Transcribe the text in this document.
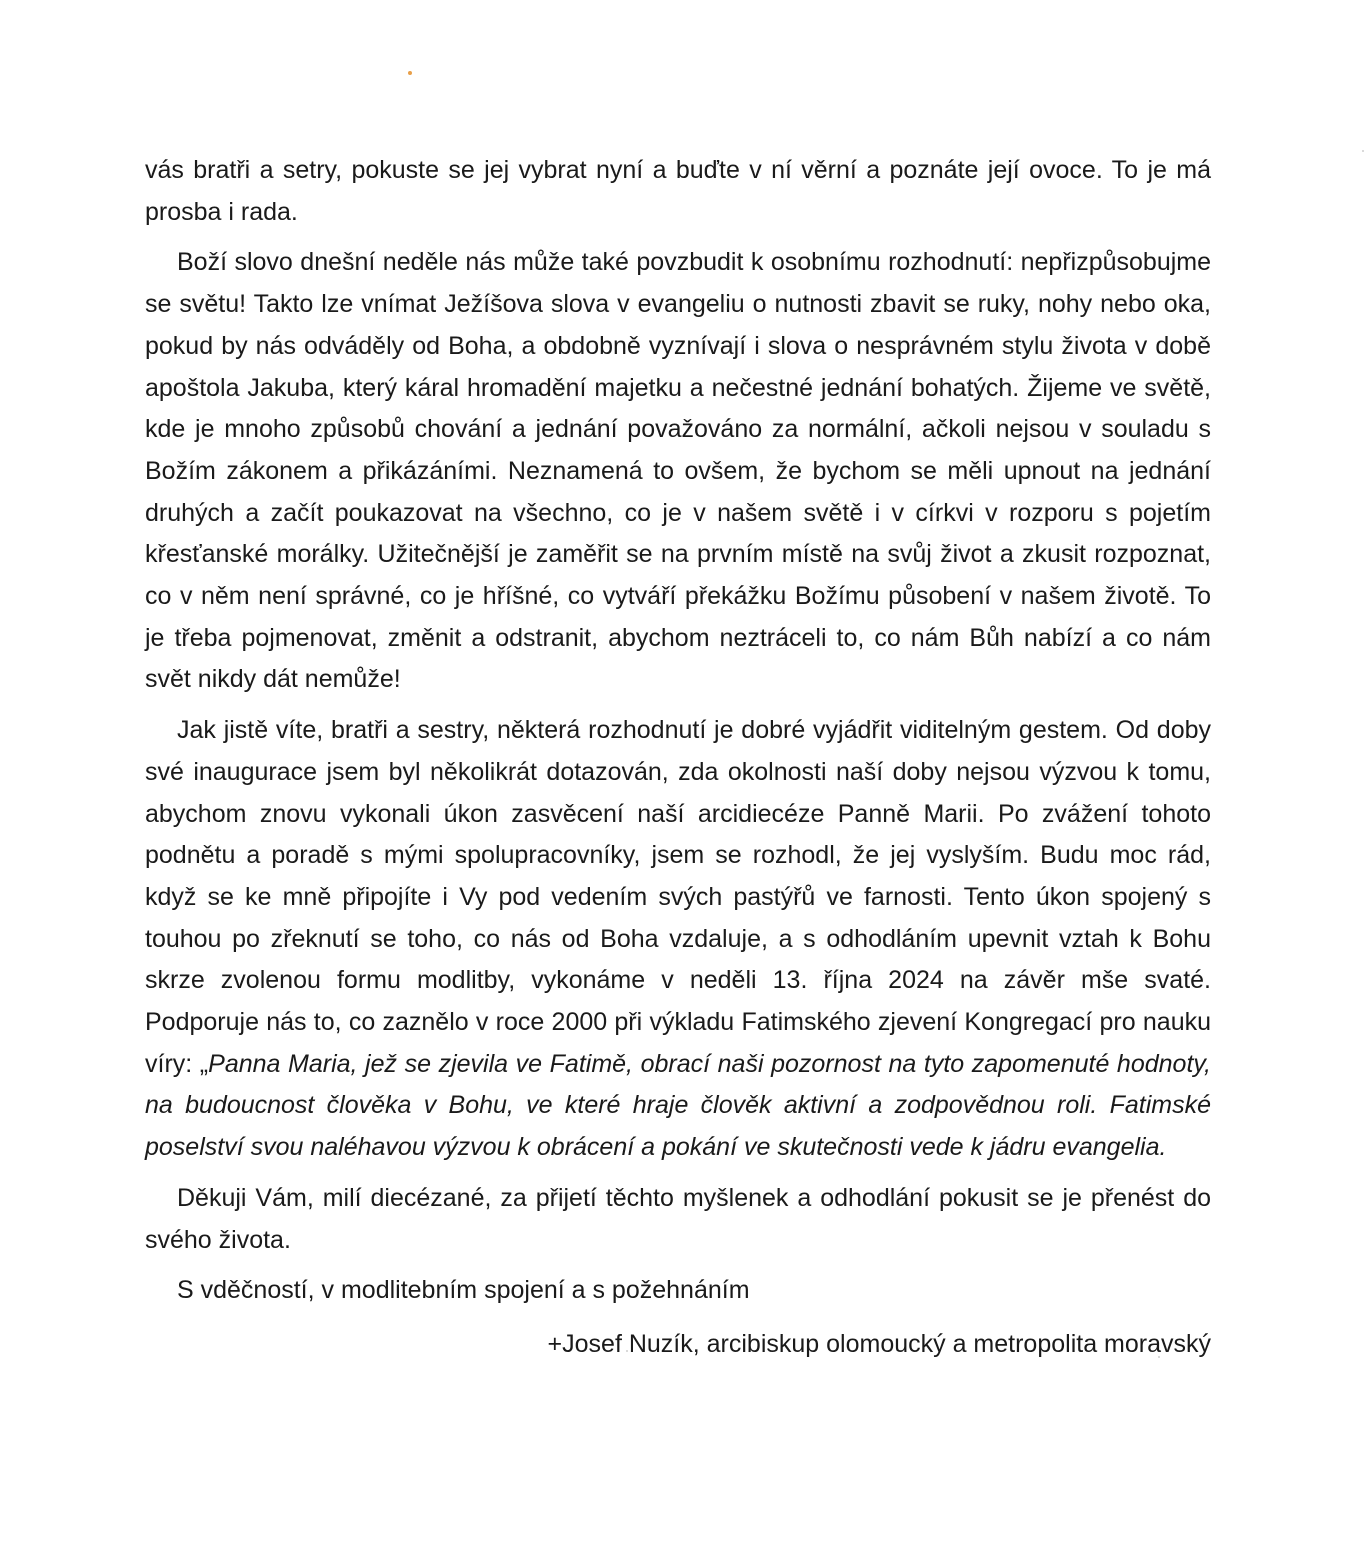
vás bratři a setry, pokuste se jej vybrat nyní a buďte v ní věrní a poznáte její ovoce. To je má prosba i rada.

Boží slovo dnešní neděle nás může také povzbudit k osobnímu rozhodnutí: nepřizpůsobujme se světu! Takto lze vnímat Ježíšova slova v evangeliu o nutnosti zbavit se ruky, nohy nebo oka, pokud by nás odváděly od Boha, a obdobně vyznívají i slova o nesprávném stylu života v době apoštola Jakuba, který káral hromadění majetku a nečestné jednání bohatých. Žijeme ve světě, kde je mnoho způsobů chování a jednání považováno za normální, ačkoli nejsou v souladu s Božím zákonem a přikázáními. Neznamená to ovšem, že bychom se měli upnout na jednání druhých a začít poukazovat na všechno, co je v našem světě i v církvi v rozporu s pojetím křesťanské morálky. Užitečnější je zaměřit se na prvním místě na svůj život a zkusit rozpoznat, co v něm není správné, co je hříšné, co vytváří překážku Božímu působení v našem životě. To je třeba pojmenovat, změnit a odstranit, abychom neztráceli to, co nám Bůh nabízí a co nám svět nikdy dát nemůže!

Jak jistě víte, bratři a sestry, některá rozhodnutí je dobré vyjádřit viditelným gestem. Od doby své inaugurace jsem byl několikrát dotazován, zda okolnosti naší doby nejsou výzvou k tomu, abychom znovu vykonali úkon zasvěcení naší arcidiecéze Panně Marii. Po zvážení tohoto podnětu a poradě s mými spolupracovníky, jsem se rozhodl, že jej vyslyším. Budu moc rád, když se ke mně připojíte i Vy pod vedením svých pastýřů ve farnosti. Tento úkon spojený s touhou po zřeknutí se toho, co nás od Boha vzdaluje, a s odhodláním upevnit vztah k Bohu skrze zvolenou formu modlitby, vykonáme v neděli 13. října 2024 na závěr mše svaté. Podporuje nás to, co zaznělo v roce 2000 při výkladu Fatimského zjevení Kongregací pro nauku víry: „Panna Maria, jež se zjevila ve Fatimě, obrací naši pozornost na tyto zapomenuté hodnoty, na budoucnost člověka v Bohu, ve které hraje člověk aktivní a zodpovědnou roli. Fatimské poselství svou naléhavou výzvou k obrácení a pokání ve skutečnosti vede k jádru evangelia.

Děkuji Vám, milí diecézané, za přijetí těchto myšlenek a odhodlání pokusit se je přenést do svého života.

S vděčností, v modlitebním spojení a s požehnáním

+Josef Nuzík, arcibiskup olomoucký a metropolita moravský
